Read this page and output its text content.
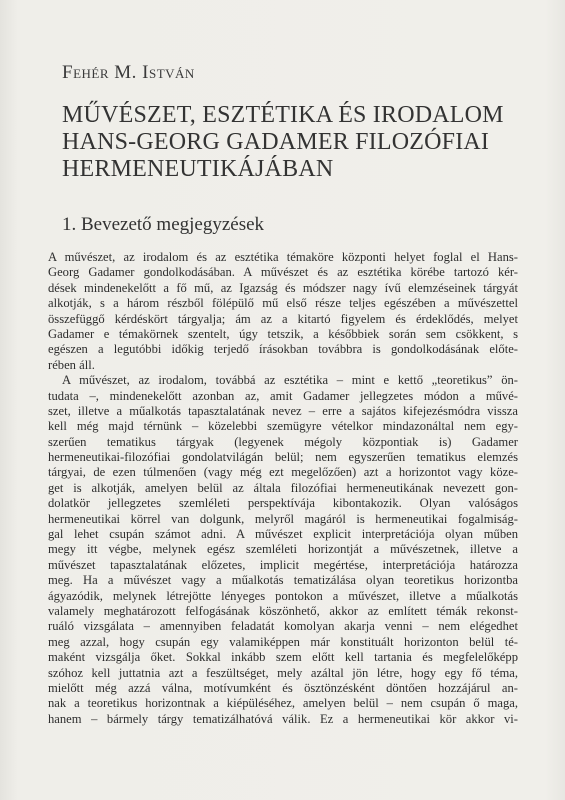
Fehér M. István
MŰVÉSZET, ESZTÉTIKA ÉS IRODALOM
HANS-GEORG GADAMER FILOZÓFIAI
HERMENEUTIKÁJÁBAN
1. Bevezető megjegyzések
A művészet, az irodalom és az esztétika témaköre központi helyet foglal el Hans-
Georg Gadamer gondolkodásában. A művészet és az esztétika körébe tartozó kér-
dések mindenekelőtt a fő mű, az Igazság és módszer nagy ívű elemzéseinek tárgyát
alkotják, s a három részből fölépülő mű első része teljes egészében a művészettel
összefüggő kérdéskört tárgyalja; ám az a kitartó figyelem és érdeklődés, melyet
Gadamer e témakörnek szentelt, úgy tetszik, a későbbiek során sem csökkent, s
egészen a legutóbbi időkig terjedő írásokban továbbra is gondolkodásának előte-
rében áll.
A művészet, az irodalom, továbbá az esztétika – mint e kettő „teoretikus” ön-
tudata –, mindenekelőtt azonban az, amit Gadamer jellegzetes módon a művé-
szet, illetve a műalkotás tapasztalatának nevez – erre a sajátos kifejezésmódra vissza
kell még majd térnünk – közelebbi szemügyre vételkor mindazonáltal nem egy-
szerűen tematikus tárgyak (legyenek mégoly központiak is) Gadamer
hermeneutikai-filozófiai gondolatvilágán belül; nem egyszerűen tematikus elemzés
tárgyai, de ezen túlmenően (vagy még ezt megelőzően) azt a horizontot vagy köze-
get is alkotják, amelyen belül az általa filozófiai hermeneutikának nevezett gon-
dolatkör jellegzetes szemléleti perspektívája kibontakozik. Olyan valóságos
hermeneutikai körrel van dolgunk, melyről magáról is hermeneutikai fogalmiság-
gal lehet csupán számot adni. A művészet explicit interpretációja olyan műben
megy itt végbe, melynek egész szemléleti horizontját a művészetnek, illetve a
művészet tapasztalatának előzetes, implicit megértése, interpretációja határozza
meg. Ha a művészet vagy a műalkotás tematizálása olyan teoretikus horizontba
ágyazódik, melynek létrejötte lényeges pontokon a művészet, illetve a műalkotás
valamely meghatározott felfogásának köszönhető, akkor az említett témák rekonst-
ruáló vizsgálata – amennyiben feladatát komolyan akarja venni – nem elégedhet
meg azzal, hogy csupán egy valamiképpen már konstituált horizonton belül té-
maként vizsgálja őket. Sokkal inkább szem előtt kell tartania és megfelelőképp
szóhoz kell juttatnia azt a feszültséget, mely azáltal jön létre, hogy egy fő téma,
mielőtt még azzá válna, motívumként és ösztönzésként döntően hozzájárul an-
nak a teoretikus horizontnak a kiépüléséhez, amelyen belül – nem csupán ő maga,
hanem – bármely tárgy tematizálhatóvá válik. Ez a hermeneutikai kör akkor vi-
